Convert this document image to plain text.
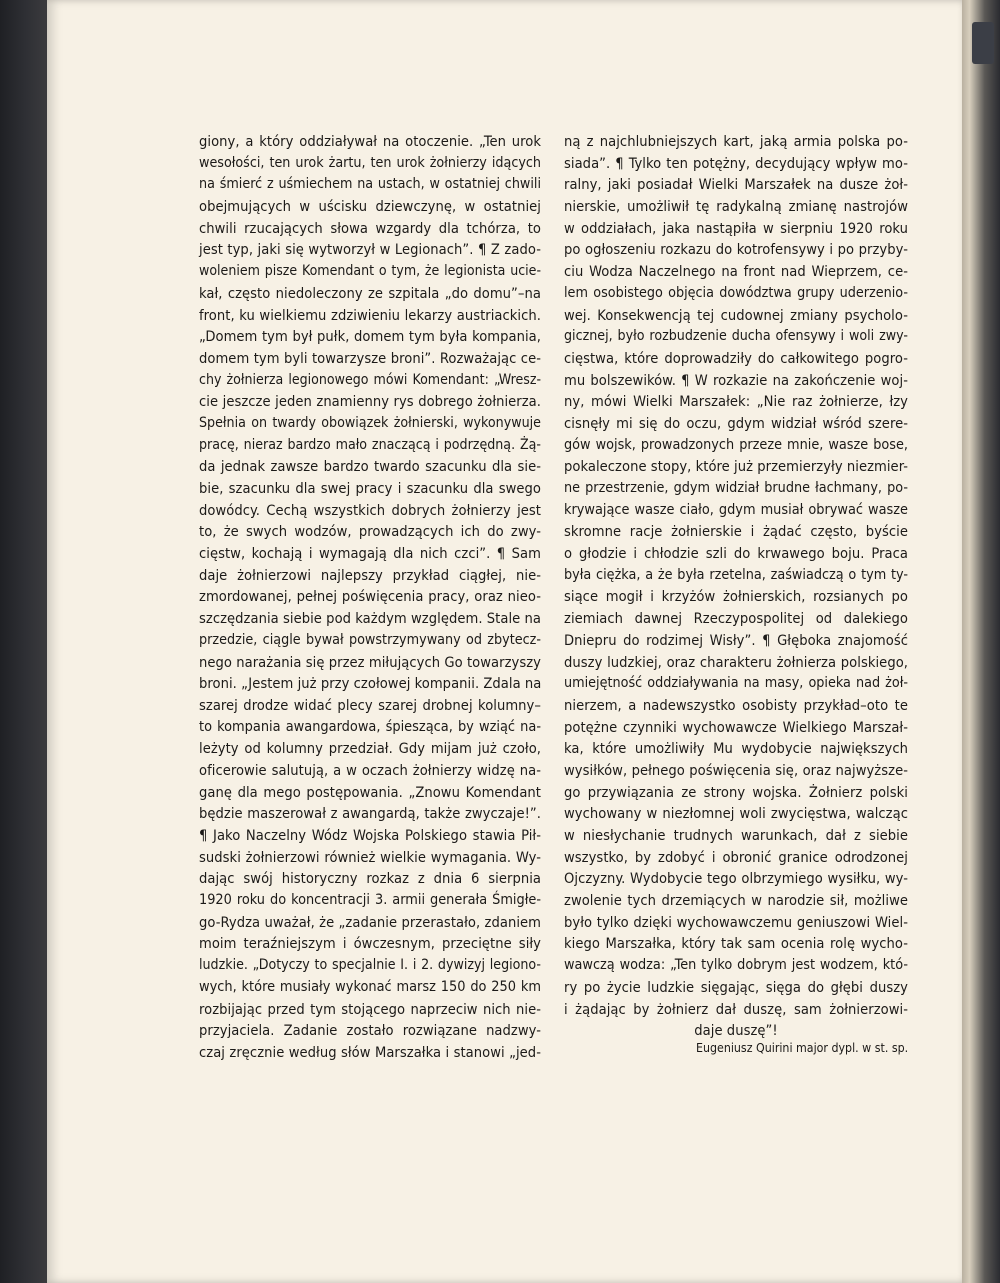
giony, a który oddziaływał na otoczenie. „Ten urok
wesołości, ten urok żartu, ten urok żołnierzy idących
na śmierć z uśmiechem na ustach, w ostatniej chwili
obejmujących w uścisku dziewczynę, w ostatniej
chwili rzucających słowa wzgardy dla tchórza, to
jest typ, jaki się wytworzył w Legionach”. ¶ Z zado-
woleniem pisze Komendant o tym, że legionista ucie-
kał, często niedoleczony ze szpitala „do domu”–na
front, ku wielkiemu zdziwieniu lekarzy austriackich.
„Domem tym był pułk, domem tym była kompania,
domem tym byli towarzysze broni”. Rozważając ce-
chy żołnierza legionowego mówi Komendant: „Wresz-
cie jeszcze jeden znamienny rys dobrego żołnierza.
Spełnia on twardy obowiązek żołnierski, wykonywuje
pracę, nieraz bardzo mało znaczącą i podrzędną. Żą-
da jednak zawsze bardzo twardo szacunku dla sie-
bie, szacunku dla swej pracy i szacunku dla swego
dowódcy. Cechą wszystkich dobrych żołnierzy jest
to, że swych wodzów, prowadzących ich do zwy-
cięstw, kochają i wymagają dla nich czci”. ¶ Sam
daje żołnierzowi najlepszy przykład ciągłej, nie-
zmordowanej, pełnej poświęcenia pracy, oraz nieo-
szczędzania siebie pod każdym względem. Stale na
przedzie, ciągle bywał powstrzymywany od zbytecz-
nego narażania się przez miłujących Go towarzyszy
broni. „Jestem już przy czołowej kompanii. Zdala na
szarej drodze widać plecy szarej drobnej kolumny–
to kompania awangardowa, śpiesząca, by wziąć na-
leżyty od kolumny przedział. Gdy mijam już czoło,
oficerowie salutują, a w oczach żołnierzy widzę na-
ganę dla mego postępowania. „Znowu Komendant
będzie maszerował z awangardą, także zwyczaje!”.
¶ Jako Naczelny Wódz Wojska Polskiego stawia Pił-
sudski żołnierzowi również wielkie wymagania. Wy-
dając swój historyczny rozkaz z dnia 6 sierpnia
1920 roku do koncentracji 3. armii generała Śmigłe-
go-Rydza uważał, że „zadanie przerastało, zdaniem
moim teraźniejszym i ówczesnym, przeciętne siły
ludzkie. „Dotyczy to specjalnie I. i 2. dywizyj legiono-
wych, które musiały wykonać marsz 150 do 250 km
rozbijając przed tym stojącego naprzeciw nich nie-
przyjaciela. Zadanie zostało rozwiązane nadzwy-
czaj zręcznie według słów Marszałka i stanowi „jed-
ną z najchlubniejszych kart, jaką armia polska po-
siada”. ¶ Tylko ten potężny, decydujący wpływ mo-
ralny, jaki posiadał Wielki Marszałek na dusze żoł-
nierskie, umożliwił tę radykalną zmianę nastrojów
w oddziałach, jaka nastąpiła w sierpniu 1920 roku
po ogłoszeniu rozkazu do kotrofensywy i po przyby-
ciu Wodza Naczelnego na front nad Wieprzem, ce-
lem osobistego objęcia dowództwa grupy uderzenio-
wej. Konsekwencją tej cudownej zmiany psycholo-
gicznej, było rozbudzenie ducha ofensywy i woli zwy-
cięstwa, które doprowadziły do całkowitego pogro-
mu bolszewików. ¶ W rozkazie na zakończenie woj-
ny, mówi Wielki Marszałek: „Nie raz żołnierze, łzy
cisnęły mi się do oczu, gdym widział wśród szere-
gów wojsk, prowadzonych przeze mnie, wasze bose,
pokaleczone stopy, które już przemierzyły niezmier-
ne przestrzenie, gdym widział brudne łachmany, po-
krywające wasze ciało, gdym musiał obrywać wasze
skromne racje żołnierskie i żądać często, byście
o głodzie i chłodzie szli do krwawego boju. Praca
była ciężka, a że była rzetelna, zaświadczą o tym ty-
siące mogił i krzyżów żołnierskich, rozsianych po
ziemiach dawnej Rzeczypospolitej od dalekiego
Dniepru do rodzimej Wisły”. ¶ Głęboka znajomość
duszy ludzkiej, oraz charakteru żołnierza polskiego,
umiejętność oddziaływania na masy, opieka nad żoł-
nierzem, a nadewszystko osobisty przykład–oto te
potężne czynniki wychowawcze Wielkiego Marszał-
ka, które umożliwiły Mu wydobycie największych
wysiłków, pełnego poświęcenia się, oraz najwyższe-
go przywiązania ze strony wojska. Żołnierz polski
wychowany w niezłomnej woli zwycięstwa, walcząc
w niesłychanie trudnych warunkach, dał z siebie
wszystko, by zdobyć i obronić granice odrodzonej
Ojczyzny. Wydobycie tego olbrzymiego wysiłku, wy-
zwolenie tych drzemiących w narodzie sił, możliwe
było tylko dzięki wychowawczemu geniuszowi Wiel-
kiego Marszałka, który tak sam ocenia rolę wycho-
wawczą wodza: „Ten tylko dobrym jest wodzem, któ-
ry po życie ludzkie sięgając, sięga do głębi duszy
i żądając by żołnierz dał duszę, sam żołnierzowi-
daje duszę”!
Eugeniusz Quirini major dypl. w st. sp.
